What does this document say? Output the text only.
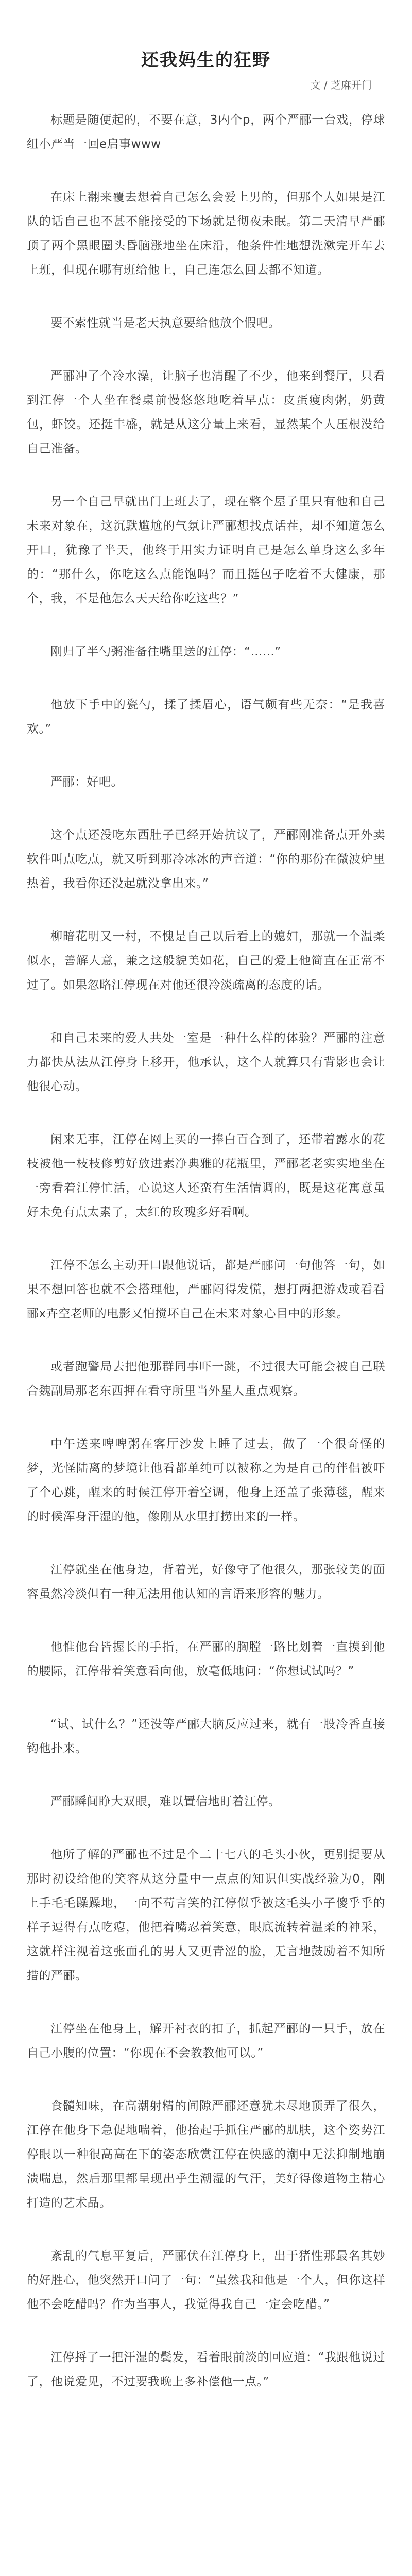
还我妈生的狂野
文 / 芝麻开门

标题是随便起的，不要在意，3内个p，两个严郦一台戏，停球组小严当一回e启事www

在床上翻来覆去想着自己怎么会爱上男的，但那个人如果是江队的话自己也不甚不能接受的下场就是彻夜未眠。第二天清早严郦顶了两个黑眼圈头昏脑涨地坐在床沿，他条件性地想洗漱完开车去上班，但现在哪有班给他上，自己连怎么回去都不知道。

要不索性就当是老天执意要给他放个假吧。

严郦冲了个冷水澡，让脑子也清醒了不少，他来到餐厅，只看到江停一个人坐在餐桌前慢悠悠地吃着早点：皮蛋瘦肉粥，奶黄包，虾饺。还挺丰盛，就是从这分量上来看，显然某个人压根没给自己准备。

另一个自己早就出门上班去了，现在整个屋子里只有他和自己未来对象在，这沉默尴尬的气氛让严郦想找点话茬，却不知道怎么开口，犹豫了半天，他终于用实力证明自己是怎么单身这么多年的：“那什么，你吃这么点能饱吗？而且挺包子吃着不大健康，那个，我，不是他怎么天天给你吃这些？”

刚归了半勺粥准备往嘴里送的江停：“……”

他放下手中的瓷勺，揉了揉眉心，语气颇有些无奈：“是我喜欢。”

严郦：好吧。

这个点还没吃东西肚子已经开始抗议了，严郦刚准备点开外卖软件叫点吃点，就又听到那冷冰冰的声音道：“你的那份在微波炉里热着，我看你还没起就没拿出来。”

柳暗花明又一村，不愧是自己以后看上的媳妇，那就一个温柔似水，善解人意，兼之这般貌美如花，自己的爱上他简直在正常不过了。如果忽略江停现在对他还很冷淡疏离的态度的话。

和自己未来的爱人共处一室是一种什么样的体验？严郦的注意力都快从法从江停身上移开，他承认，这个人就算只有背影也会让他很心动。

闲来无事，江停在网上买的一捧白百合到了，还带着露水的花枝被他一枝枝修剪好放进素净典雅的花瓶里，严郦老老实实地坐在一旁看着江停忙活，心说这人还蛮有生活情调的，既是这花寓意虽好未免有点太素了，太红的玫瑰多好看啊。

江停不怎么主动开口跟他说话，都是严郦问一句他答一句，如果不想回答也就不会搭理他，严郦闷得发慌，想打两把游戏或看看郦x卉空老师的电影又怕搅坏自己在未来对象心目中的形象。

或者跑警局去把他那群同事吓一跳，不过很大可能会被自己联合魏副局那老东西押在看守所里当外星人重点观察。

中午送来啤啤粥在客厅沙发上睡了过去，做了一个很奇怪的梦，光怪陆离的梦境让他看都单纯可以被称之为是自己的伴侣被吓了个心跳，醒来的时候江停开着空调，他身上还盖了张薄毯，醒来的时候浑身汗湿的他，像刚从水里打捞出来的一样。

江停就坐在他身边，背着光，好像守了他很久，那张较美的面容虽然冷淡但有一种无法用他认知的言语来形容的魅力。

他惟他台皆握长的手指，在严郦的胸膛一路比划着一直摸到他的腰际，江停带着笑意看向他，放毫低地问：“你想试试吗？”

“试、试什么？”还没等严郦大脑反应过来，就有一股冷香直接钩他扑来。

严郦瞬间睁大双眼，难以置信地盯着江停。

他所了解的严郦也不过是个二十七八的毛头小伙，更别提要从那时初设给他的笑容从这分量中一点点的知识但实战经验为0，刚上手毛毛躁躁地，一向不苟言笑的江停似乎被这毛头小子傻乎乎的样子逗得有点吃瘪，他把着嘴忍着笑意，眼底流转着温柔的神采，这就样注视着这张面孔的男人又更青涩的脸，无言地鼓励着不知所措的严郦。

江停坐在他身上，解开衬衣的扣子，抓起严郦的一只手，放在自己小腹的位置：“你现在不会教教他可以。”

食髓知味，在高潮射精的间隙严郦还意犹未尽地顶弄了很久，江停在他身下急促地喘着，他抬起手抓住严郦的肌肤，这个姿势江停眼以一种很高高在下的姿态欣赏江停在快感的潮中无法抑制地崩溃喘息，然后那里都呈现出乎生潮湿的气汗，美好得像道物主精心打造的艺术品。

紊乱的气息平复后，严郦伏在江停身上，出于猪性那最名其妙的好胜心，他突然开口问了一句：“虽然我和他是一个人，但你这样他不会吃醋吗？作为当事人，我觉得我自己一定会吃醋。”

江停捋了一把汗湿的鬓发，看着眼前淡的回应道：“我跟他说过了，他说爱见，不过要我晚上多补偿他一点。”
